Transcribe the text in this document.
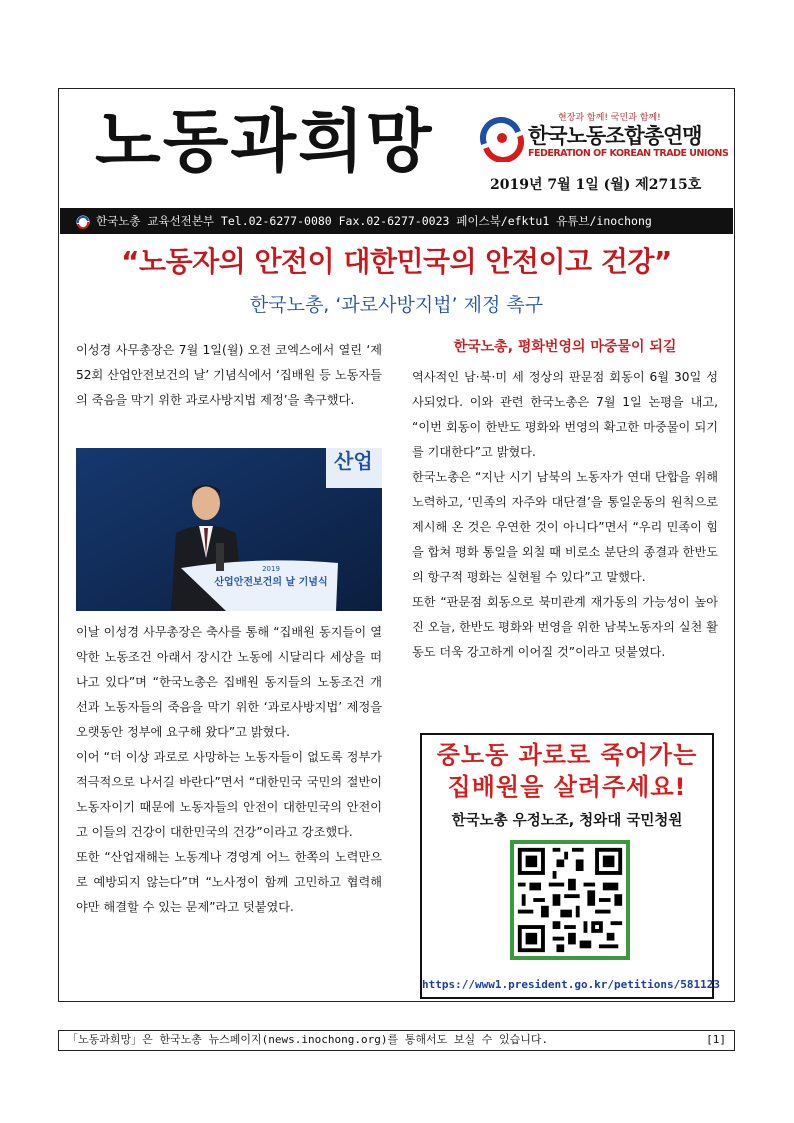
노동과희망	현장과 함께! 국민과 함께!
한국노동조합총연맹
FEDERATION OF KOREAN TRADE UNIONS
2019년 7월 1일 (월) 제2715호
한국노총 교육선전본부 Tel.02-6277-0080 Fax.02-6277-0023 페이스북/efktu1 유튜브/inochong
“노동자의 안전이 대한민국의 안전이고 건강”
한국노총, ‘과로사방지법’ 제정 촉구

이성경 사무총장은 7월 1일(월) 오전 코엑스에서 열린 ‘제52회 산업안전보건의 날’ 기념식에서 ‘집배원 등 노동자들의 죽음을 막기 위한 과로사방지법 제정’을 촉구했다.

산업
2019
산업안전보건의 날 기념식

이날 이성경 사무총장은 축사를 통해 “집배원 동지들이 열악한 노동조건 아래서 장시간 노동에 시달리다 세상을 떠나고 있다”며 “한국노총은 집배원 동지들의 노동조건 개선과 노동자들의 죽음을 막기 위한 ‘과로사방지법’ 제정을 오랫동안 정부에 요구해 왔다”고 밝혔다.

이어 “더 이상 과로로 사망하는 노동자들이 없도록 정부가 적극적으로 나서길 바란다”면서 “대한민국 국민의 절반이 노동자이기 때문에 노동자들의 안전이 대한민국의 안전이고 이들의 건강이 대한민국의 건강”이라고 강조했다.

또한 “산업재해는 노동계나 경영계 어느 한쪽의 노력만으로 예방되지 않는다”며 “노사정이 함께 고민하고 협력해야만 해결할 수 있는 문제”라고 덧붙였다.

한국노총, 평화번영의 마중물이 되길

역사적인 남·북·미 세 정상의 판문점 회동이 6월 30일 성사되었다. 이와 관련 한국노총은 7월 1일 논평을 내고, “이번 회동이 한반도 평화와 번영의 확고한 마중물이 되기를 기대한다”고 밝혔다.

한국노총은 “지난 시기 남북의 노동자가 연대 단합을 위해 노력하고, ‘민족의 자주와 대단결’을 통일운동의 원칙으로 제시해 온 것은 우연한 것이 아니다”면서 “우리 민족이 힘을 합쳐 평화 통일을 외칠 때 비로소 분단의 종결과 한반도의 항구적 평화는 실현될 수 있다”고 말했다.

또한 “판문점 회동으로 북미관계 재가동의 가능성이 높아진 오늘, 한반도 평화와 번영을 위한 남북노동자의 실천 활동도 더욱 강고하게 이어질 것”이라고 덧붙였다.

중노동 과로로 죽어가는
집배원을 살려주세요!
한국노총 우정노조, 청와대 국민청원
https://www1.president.go.kr/petitions/581123
「노동과희망」은 한국노총 뉴스페이지(news.inochong.org)를 통해서도 보실 수 있습니다.	[1]
